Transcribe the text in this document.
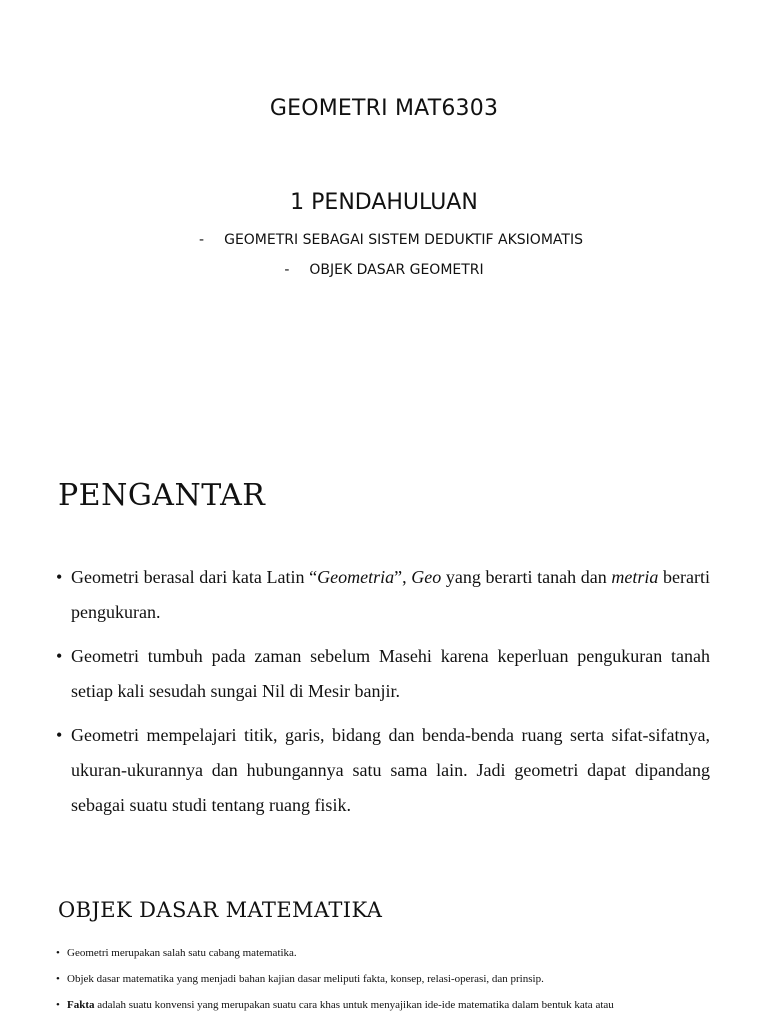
GEOMETRI MAT6303
1 PENDAHULUAN
- GEOMETRI SEBAGAI SISTEM DEDUKTIF AKSIOMATIS
- OBJEK DASAR GEOMETRI
PENGANTAR
• Geometri berasal dari kata Latin “Geometria”, Geo yang berarti tanah dan metria berarti pengukuran.
• Geometri tumbuh pada zaman sebelum Masehi karena keperluan pengukuran tanah setiap kali sesudah sungai Nil di Mesir banjir.
• Geometri mempelajari titik, garis, bidang dan benda-benda ruang serta sifat-sifatnya, ukuran-ukurannya dan hubungannya satu sama lain. Jadi geometri dapat dipandang sebagai suatu studi tentang ruang fisik.
OBJEK DASAR MATEMATIKA
• Geometri merupakan salah satu cabang matematika.
• Objek dasar matematika yang menjadi bahan kajian dasar meliputi fakta, konsep, relasi-operasi, dan prinsip.
• Fakta adalah suatu konvensi yang merupakan suatu cara khas untuk menyajikan ide-ide matematika dalam bentuk kata atau
